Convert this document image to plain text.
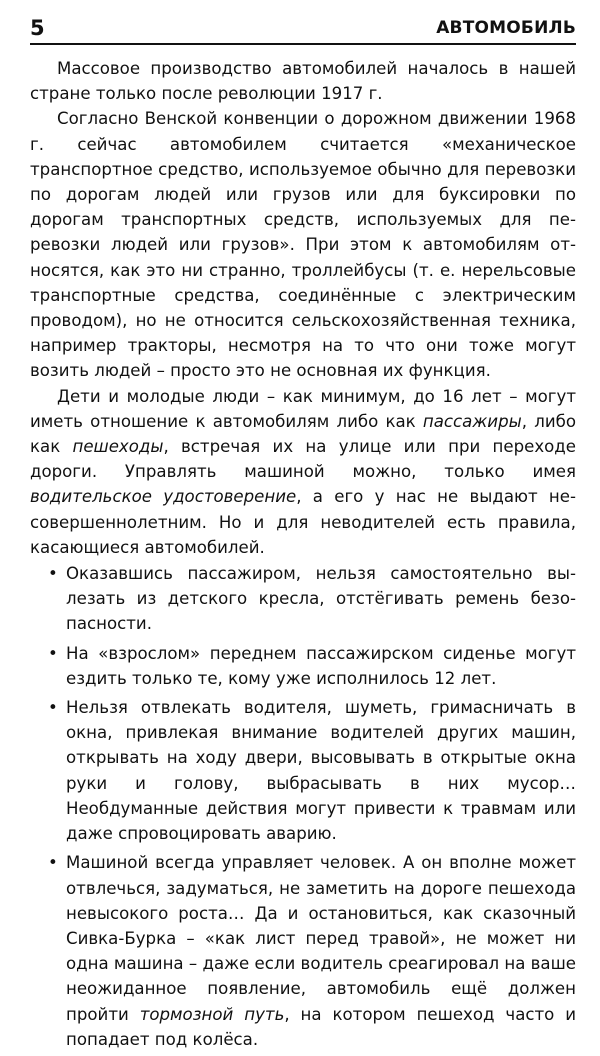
5	АВТОМОБИЛЬ

Массовое производство автомобилей началось в нашей стране только после революции 1917 г.

Согласно Венской конвенции о дорожном движении 1968 г. сейчас автомобилем считается «механическое транспортное средство, используемое обычно для перевозки по дорогам людей или грузов или для буксировки по дорогам транспортных средств, используемых для перевозки людей или грузов». При этом к автомобилям относятся, как это ни странно, троллейбусы (т. е. нерельсовые транспортные средства, соединённые с электрическим проводом), но не относится сельскохозяйственная техника, например тракторы, несмотря на то что они тоже могут возить людей – просто это не основная их функция.

Дети и молодые люди – как минимум, до 16 лет – могут иметь отношение к автомобилям либо как пассажиры, либо как пешеходы, встречая их на улице или при переходе дороги. Управлять машиной можно, только имея водительское удостоверение, а его у нас не выдают несовершеннолетним. Но и для неводителей есть правила, касающиеся автомобилей.

• Оказавшись пассажиром, нельзя самостоятельно вылезать из детского кресла, отстёгивать ремень безопасности.
• На «взрослом» переднем пассажирском сиденье могут ездить только те, кому уже исполнилось 12 лет.
• Нельзя отвлекать водителя, шуметь, гримасничать в окна, привлекая внимание водителей других машин, открывать на ходу двери, высовывать в открытые окна руки и голову, выбрасывать в них мусор… Необдуманные действия могут привести к травмам или даже спровоцировать аварию.
• Машиной всегда управляет человек. А он вполне может отвлечься, задуматься, не заметить на дороге пешехода невысокого роста… Да и остановиться, как сказочный Сивка-Бурка – «как лист перед травой», не может ни одна машина – даже если водитель среагировал на ваше неожиданное появление, автомобиль ещё должен пройти тормозной путь, на котором пешеход часто и попадает под колёса.
